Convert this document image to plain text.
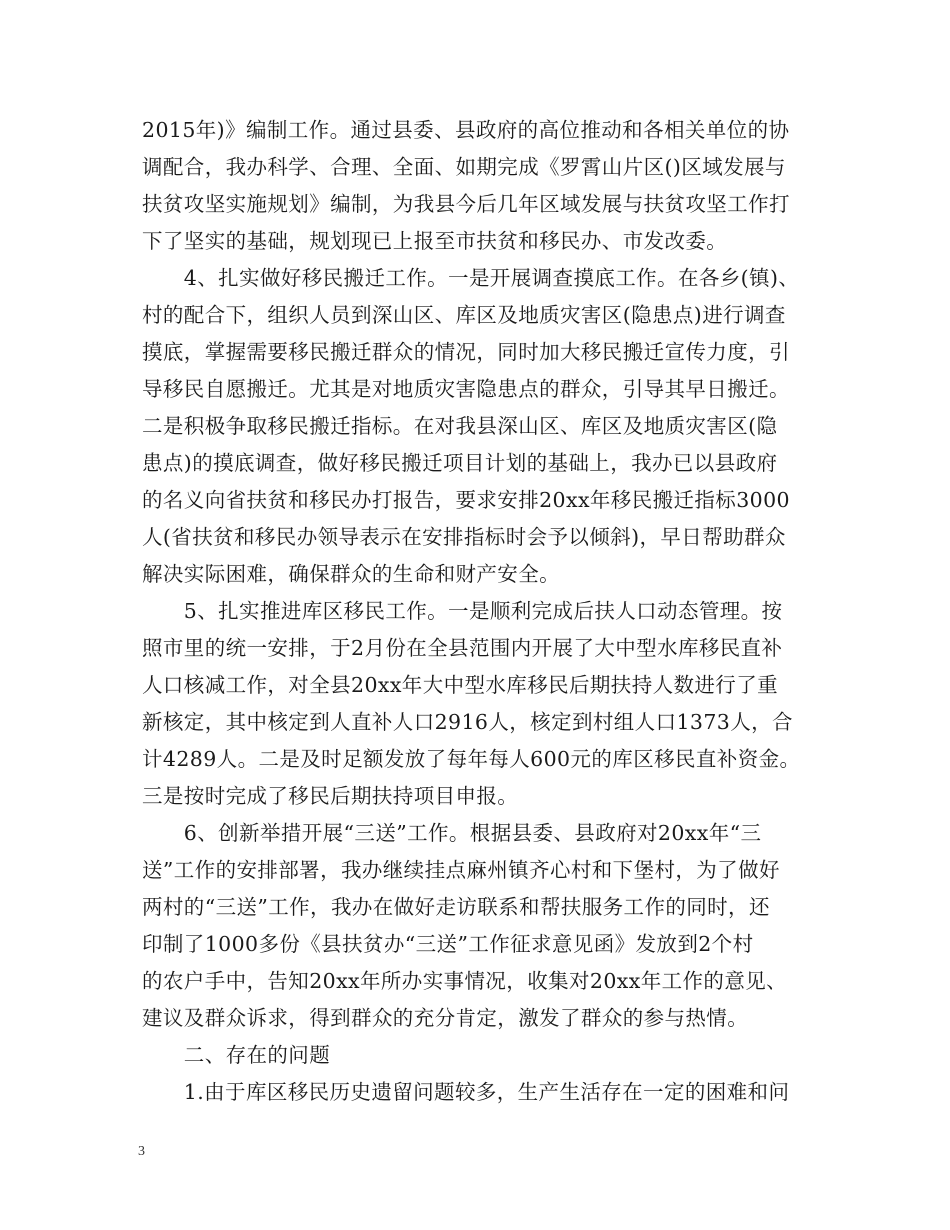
2015年)》编制工作。通过县委、县政府的高位推动和各相关单位的协
调配合，我办科学、合理、全面、如期完成《罗霄山片区()区域发展与
扶贫攻坚实施规划》编制，为我县今后几年区域发展与扶贫攻坚工作打
下了坚实的基础，规划现已上报至市扶贫和移民办、市发改委。
　　4、扎实做好移民搬迁工作。一是开展调查摸底工作。在各乡(镇)、
村的配合下，组织人员到深山区、库区及地质灾害区(隐患点)进行调查
摸底，掌握需要移民搬迁群众的情况，同时加大移民搬迁宣传力度，引
导移民自愿搬迁。尤其是对地质灾害隐患点的群众，引导其早日搬迁。
二是积极争取移民搬迁指标。在对我县深山区、库区及地质灾害区(隐
患点)的摸底调查，做好移民搬迁项目计划的基础上，我办已以县政府
的名义向省扶贫和移民办打报告，要求安排20xx年移民搬迁指标3000
人(省扶贫和移民办领导表示在安排指标时会予以倾斜)，早日帮助群众
解决实际困难，确保群众的生命和财产安全。
　　5、扎实推进库区移民工作。一是顺利完成后扶人口动态管理。按
照市里的统一安排，于2月份在全县范围内开展了大中型水库移民直补
人口核减工作，对全县20xx年大中型水库移民后期扶持人数进行了重
新核定，其中核定到人直补人口2916人，核定到村组人口1373人，合
计4289人。二是及时足额发放了每年每人600元的库区移民直补资金。
三是按时完成了移民后期扶持项目申报。
　　6、创新举措开展“三送”工作。根据县委、县政府对20xx年“三
送”工作的安排部署，我办继续挂点麻州镇齐心村和下堡村，为了做好
两村的“三送”工作，我办在做好走访联系和帮扶服务工作的同时，还
印制了1000多份《县扶贫办“三送”工作征求意见函》发放到2个村
的农户手中，告知20xx年所办实事情况，收集对20xx年工作的意见、
建议及群众诉求，得到群众的充分肯定，激发了群众的参与热情。
　　二、存在的问题
　　1.由于库区移民历史遗留问题较多，生产生活存在一定的困难和问
3
